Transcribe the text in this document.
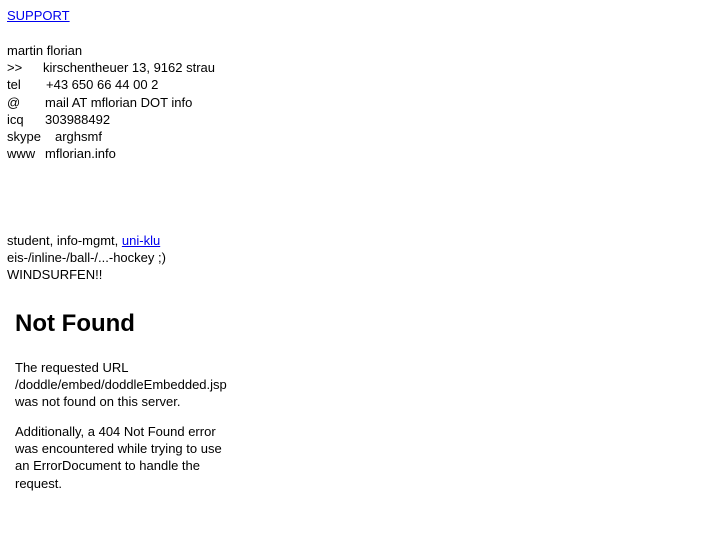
SUPPORT
martin florian
>> kirschentheuer 13, 9162 strau
tel +43 650 66 44 00 2
@ mail AT mflorian DOT info
icq 303988492
skype arghsmf
www mflorian.info
student, info-mgmt, uni-klu
eis-/inline-/ball-/...-hockey ;)
WINDSURFEN!!
Not Found

The requested URL
/doddle/embed/doddleEmbedded.jsp
was not found on this server.

Additionally, a 404 Not Found error
was encountered while trying to use
an ErrorDocument to handle the
request.
